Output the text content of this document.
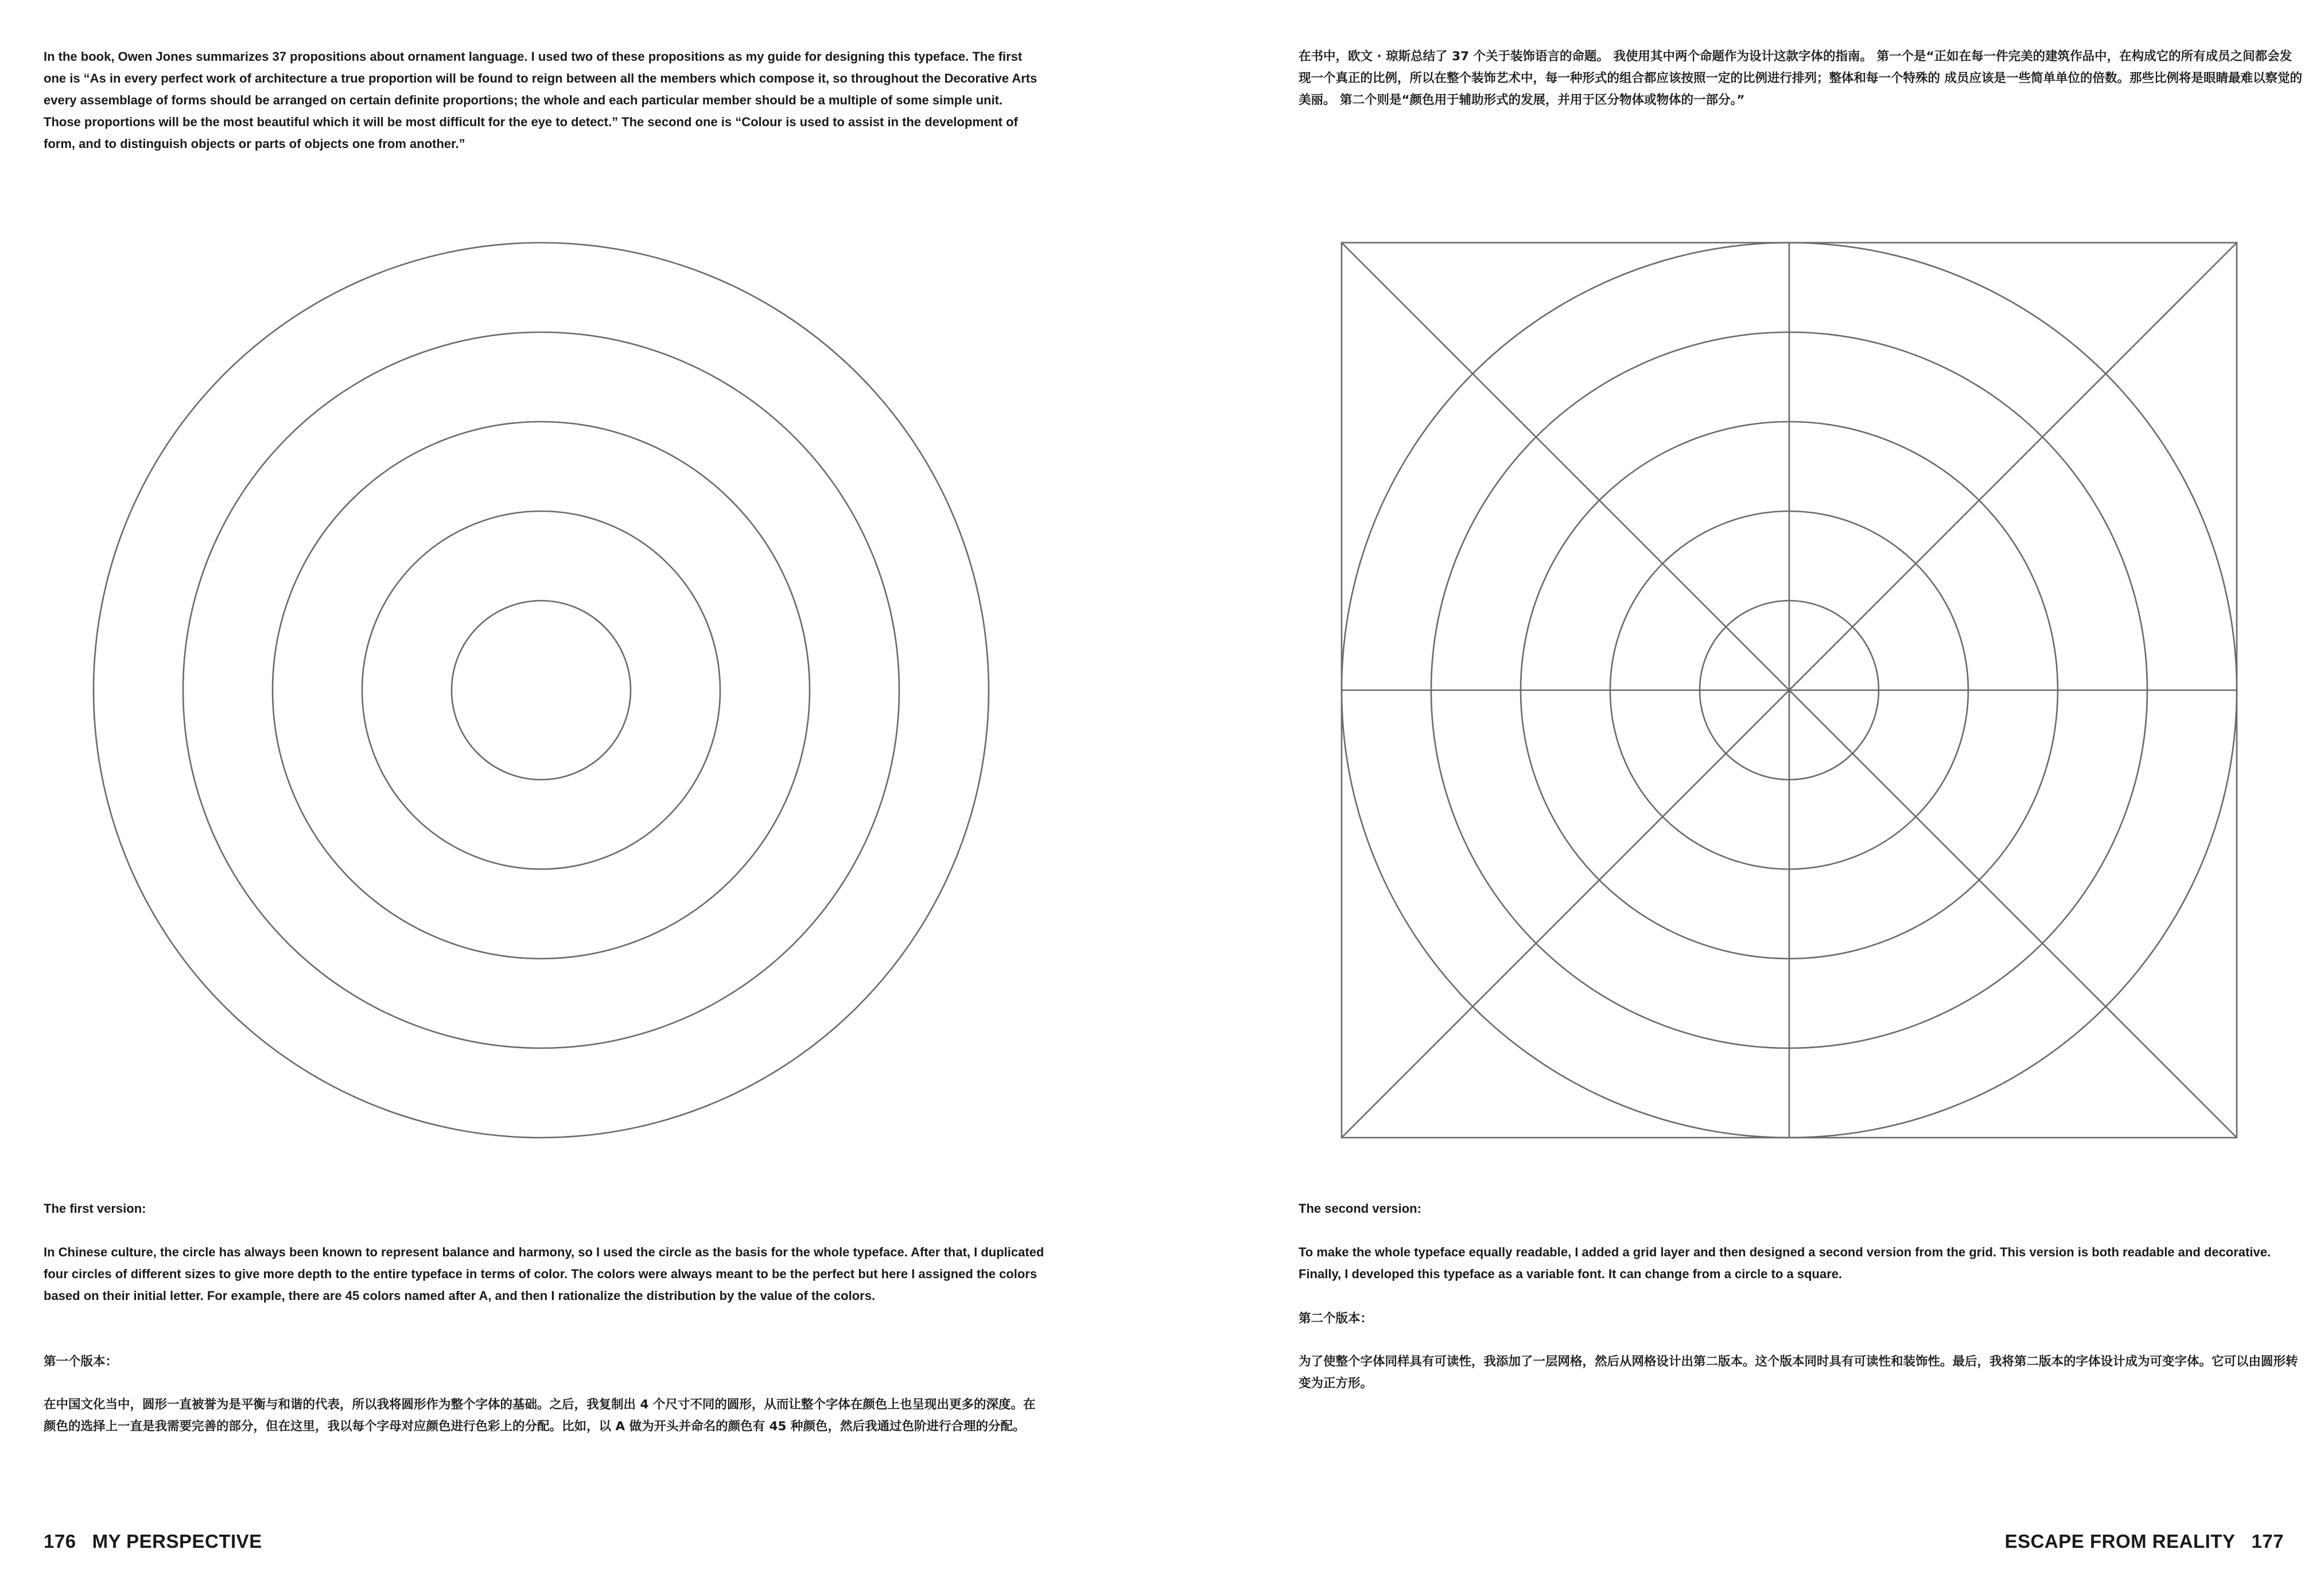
In the book, Owen Jones summarizes 37 propositions about ornament language. I used two of these propositions as my guide for designing this typeface. The first one is “As in every perfect work of architecture a true proportion will be found to reign between all the members which compose it, so throughout the Decorative Arts every assemblage of forms should be arranged on certain definite proportions; the whole and each particular member should be a multiple of some simple unit. Those proportions will be the most beautiful which it will be most difficult for the eye to detect.” The second one is “Colour is used to assist in the development of form, and to distinguish objects or parts of objects one from another.”

The first version:

In Chinese culture, the circle has always been known to represent balance and harmony, so I used the circle as the basis for the whole typeface. After that, I duplicated four circles of different sizes to give more depth to the entire typeface in terms of color. The colors were always meant to be the perfect but here I assigned the colors based on their initial letter. For example, there are 45 colors named after A, and then I rationalize the distribution by the value of the colors.

第一个版本：

在中国文化当中，圆形一直被誉为是平衡与和谐的代表，所以我将圆形作为整个字体的基础。之后，我复制出 4 个尺寸不同的圆形，从而让整个字体在颜色上也呈现出更多的深度。在颜色的选择上一直是我需要完善的部分，但在这里，我以每个字母对应颜色进行色彩上的分配。比如，以 A 做为开头并命名的颜色有 45 种颜色，然后我通过色阶进行合理的分配。

176 MY PERSPECTIVE

在书中，欧文 · 琼斯总结了 37 个关于装饰语言的命题。 我使用其中两个命题作为设计这款字体的指南。 第一个是“正如在每一件完美的建筑作品中，在构成它的所有成员之间都会发现一个真正的比例，所以在整个装饰艺术中，每一种形式的组合都应该按照一定的比例进行排列；整体和每一个特殊的 成员应该是一些简单单位的倍数。那些比例将是眼睛最难以察觉的美丽。 第二个则是“颜色用于辅助形式的发展，并用于区分物体或物体的一部分。”

The second version:

To make the whole typeface equally readable, I added a grid layer and then designed a second version from the grid. This version is both readable and decorative. Finally, I developed this typeface as a variable font. It can change from a circle to a square.

第二个版本：

为了使整个字体同样具有可读性，我添加了一层网格，然后从网格设计出第二版本。这个版本同时具有可读性和装饰性。最后，我将第二版本的字体设计成为可变字体。它可以由圆形转变为正方形。

ESCAPE FROM REALITY 177
